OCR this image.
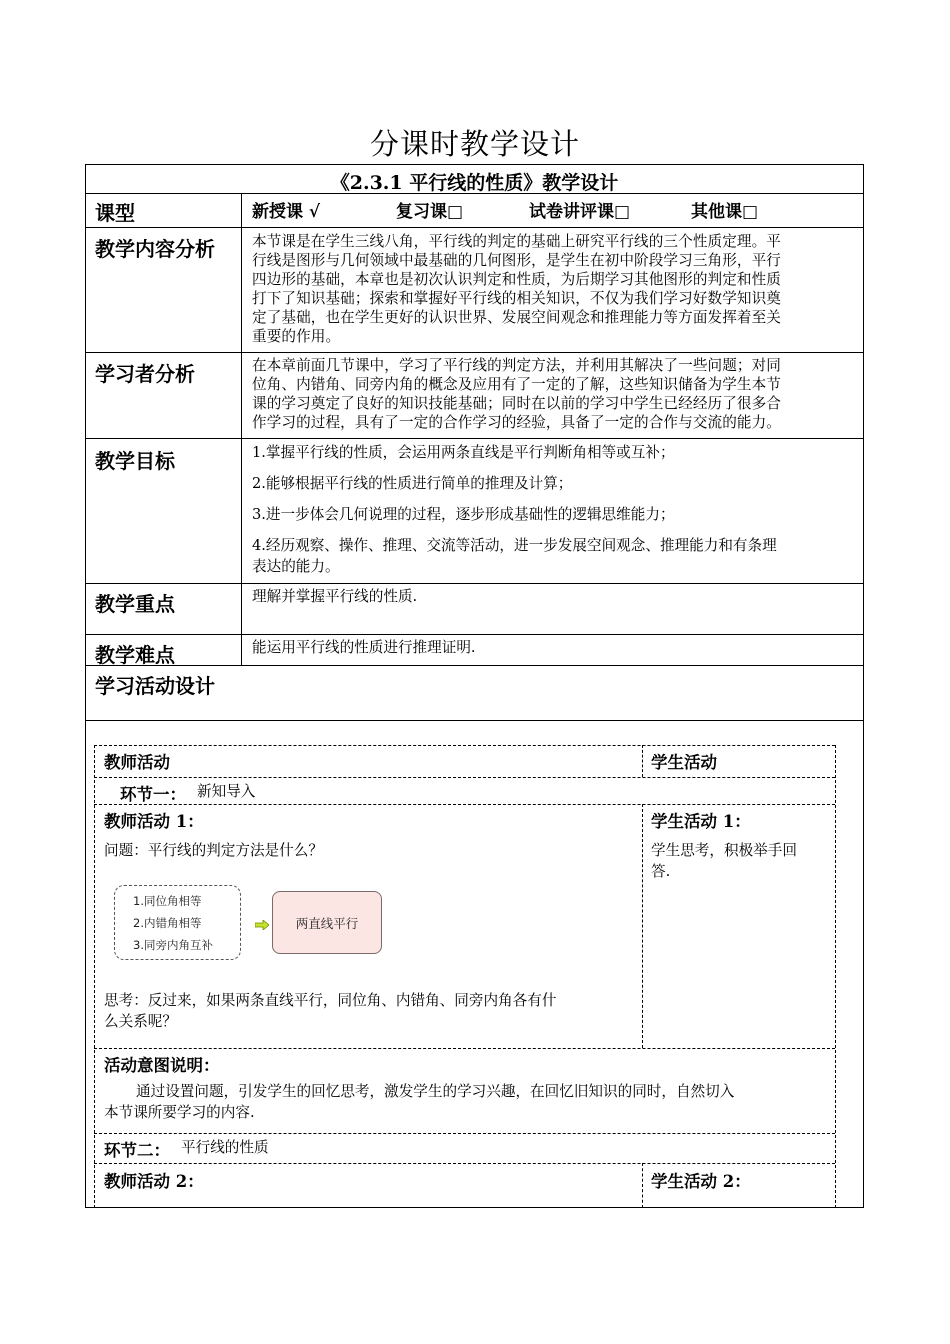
分课时教学设计
《2.3.1 平行线的性质》教学设计
课型	新授课 √	复习课□	试卷讲评课□	其他课□
教学内容分析	本节课是在学生三线八角，平行线的判定的基础上研究平行线的三个性质定理。平
行线是图形与几何领域中最基础的几何图形，是学生在初中阶段学习三角形，平行
四边形的基础，本章也是初次认识判定和性质，为后期学习其他图形的判定和性质
打下了知识基础；探索和掌握好平行线的相关知识，不仅为我们学习好数学知识奠
定了基础，也在学生更好的认识世界、发展空间观念和推理能力等方面发挥着至关
重要的作用。
学习者分析	在本章前面几节课中，学习了平行线的判定方法，并利用其解决了一些问题；对同
位角、内错角、同旁内角的概念及应用有了一定的了解，这些知识储备为学生本节
课的学习奠定了良好的知识技能基础；同时在以前的学习中学生已经经历了很多合
作学习的过程，具有了一定的合作学习的经验，具备了一定的合作与交流的能力。
教学目标	1.掌握平行线的性质，会运用两条直线是平行判断角相等或互补；
2.能够根据平行线的性质进行简单的推理及计算；
3.进一步体会几何说理的过程，逐步形成基础性的逻辑思维能力；
4.经历观察、操作、推理、交流等活动，进一步发展空间观念、推理能力和有条理
表达的能力。
教学重点	理解并掌握平行线的性质.
教学难点	能运用平行线的性质进行推理证明.
学习活动设计
教师活动	学生活动
环节一： 新知导入
教师活动 1：
问题：平行线的判定方法是什么？
1.同位角相等
2.内错角相等
3.同旁内角互补
两直线平行
思考：反过来，如果两条直线平行，同位角、内错角、同旁内角各有什
么关系呢？
学生活动 1：
学生思考，积极举手回
答.
活动意图说明：
通过设置问题，引发学生的回忆思考，激发学生的学习兴趣，在回忆旧知识的同时，自然切入
本节课所要学习的内容.
环节二： 平行线的性质
教师活动 2：	学生活动 2：
